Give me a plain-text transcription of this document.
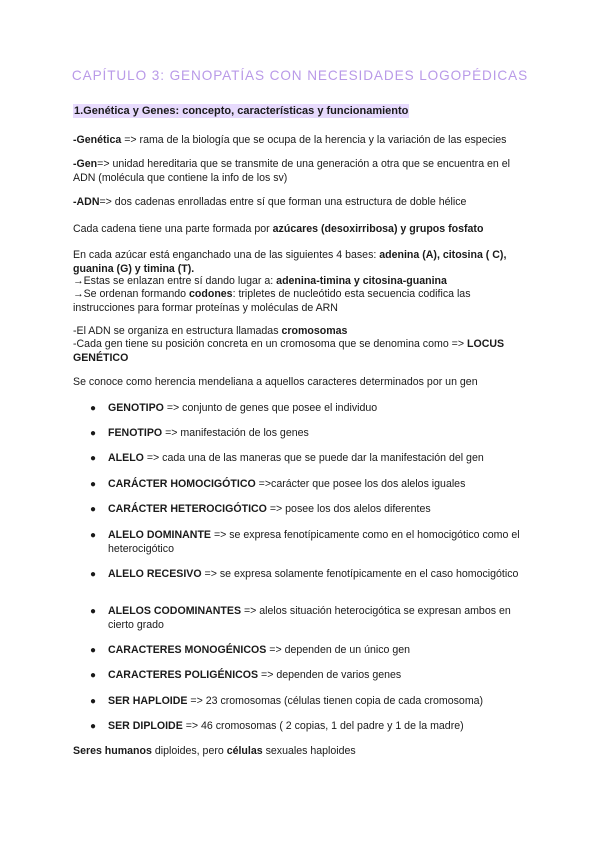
CAPÍTULO 3: GENOPATÍAS CON NECESIDADES LOGOPÉDICAS
1.Genética y Genes: concepto, características y funcionamiento
-Genética => rama de la biología que se ocupa de la herencia y la variación de las especies
-Gen=> unidad hereditaria que se transmite de una generación a otra que se encuentra en el ADN (molécula que contiene la info de los sv)
-ADN=> dos cadenas enrolladas entre sí que forman una estructura de doble hélice
Cada cadena tiene una parte formada por azúcares (desoxirribosa) y grupos fosfato
En cada azúcar está enganchado una de las siguientes 4 bases: adenina (A), citosina ( C), guanina (G) y timina (T).
→Estas se enlazan entre sí dando lugar a: adenina-timina y citosina-guanina
→Se ordenan formando codones: tripletes de nucleótido esta secuencia codifica las instrucciones para formar proteínas y moléculas de ARN
-El ADN se organiza en estructura llamadas cromosomas
-Cada gen tiene su posición concreta en un cromosoma que se denomina como => LOCUS GENÉTICO
Se conoce como herencia mendeliana a aquellos caracteres determinados por un gen
● GENOTIPO => conjunto de genes que posee el individuo
● FENOTIPO => manifestación de los genes
● ALELO => cada una de las maneras que se puede dar la manifestación del gen
● CARÁCTER HOMOCIGÓTICO =>carácter que posee los dos alelos iguales
● CARÁCTER HETEROCIGÓTICO => posee los dos alelos diferentes
● ALELO DOMINANTE => se expresa fenotípicamente como en el homocigótico como el heterocigótico
● ALELO RECESIVO => se expresa solamente fenotípicamente en el caso homocigótico
● ALELOS CODOMINANTES => alelos situación heterocigótica se expresan ambos en cierto grado
● CARACTERES MONOGÉNICOS => dependen de un único gen
● CARACTERES POLIGÉNICOS => dependen de varios genes
● SER HAPLOIDE => 23 cromosomas (células tienen copia de cada cromosoma)
● SER DIPLOIDE => 46 cromosomas ( 2 copias, 1 del padre y 1 de la madre)
Seres humanos diploides, pero células sexuales haploides
